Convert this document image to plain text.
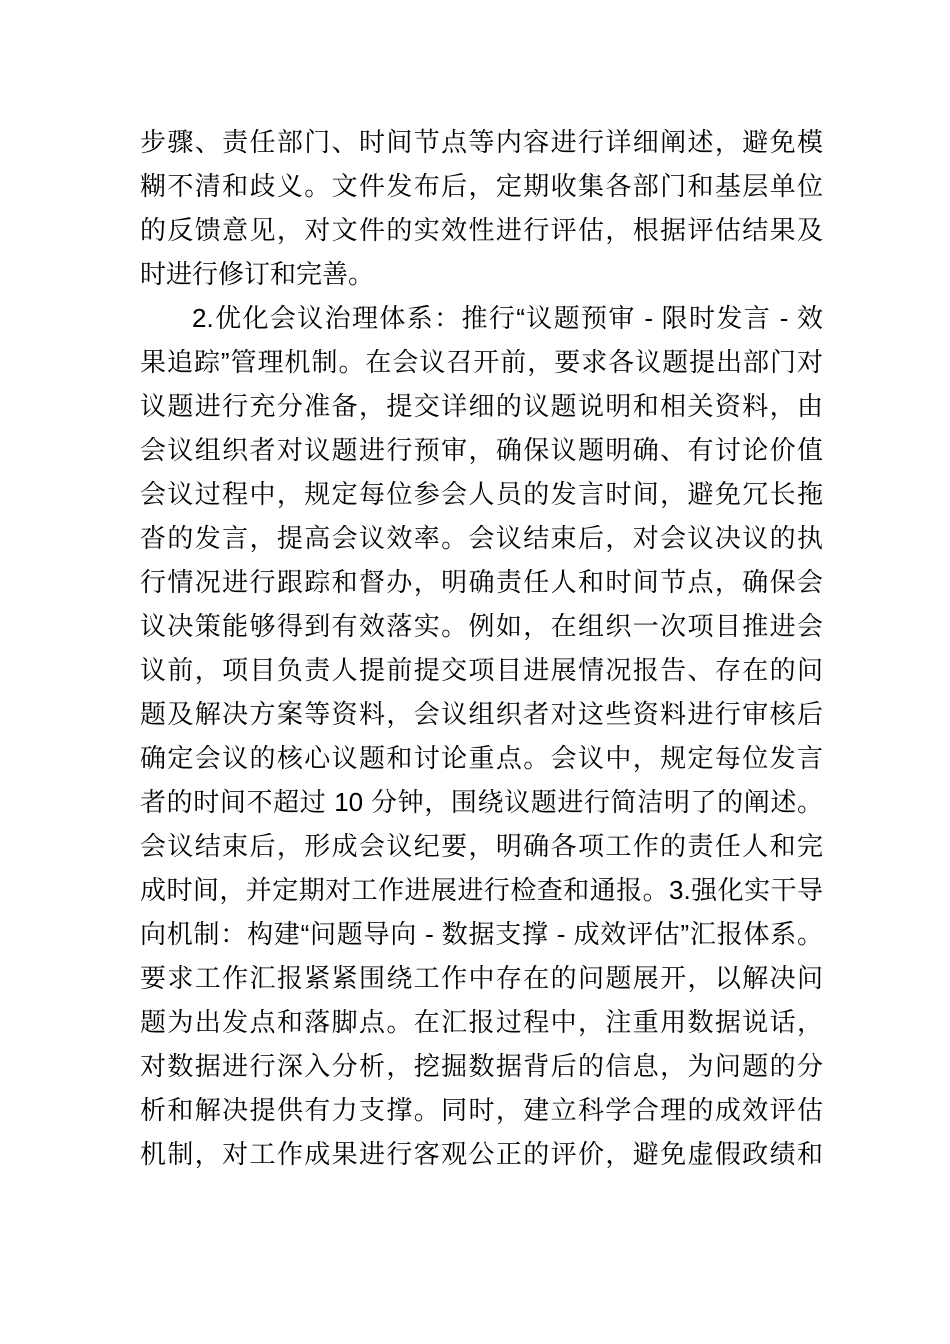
步骤、责任部门、时间节点等内容进行详细阐述，避免模
糊不清和歧义。文件发布后，定期收集各部门和基层单位
的反馈意见，对文件的实效性进行评估，根据评估结果及
时进行修订和完善。
2.优化会议治理体系：推行“议题预审 - 限时发言 - 效
果追踪”管理机制。在会议召开前，要求各议题提出部门对
议题进行充分准备，提交详细的议题说明和相关资料，由
会议组织者对议题进行预审，确保议题明确、有讨论价值
会议过程中，规定每位参会人员的发言时间，避免冗长拖
沓的发言，提高会议效率。会议结束后，对会议决议的执
行情况进行跟踪和督办，明确责任人和时间节点，确保会
议决策能够得到有效落实。例如，在组织一次项目推进会
议前，项目负责人提前提交项目进展情况报告、存在的问
题及解决方案等资料，会议组织者对这些资料进行审核后
确定会议的核心议题和讨论重点。会议中，规定每位发言
者的时间不超过 10 分钟，围绕议题进行简洁明了的阐述。
会议结束后，形成会议纪要，明确各项工作的责任人和完
成时间，并定期对工作进展进行检查和通报。3.强化实干导
向机制：构建“问题导向 - 数据支撑 - 成效评估”汇报体系。
要求工作汇报紧紧围绕工作中存在的问题展开，以解决问
题为出发点和落脚点。在汇报过程中，注重用数据说话，
对数据进行深入分析，挖掘数据背后的信息，为问题的分
析和解决提供有力支撑。同时，建立科学合理的成效评估
机制，对工作成果进行客观公正的评价，避免虚假政绩和
